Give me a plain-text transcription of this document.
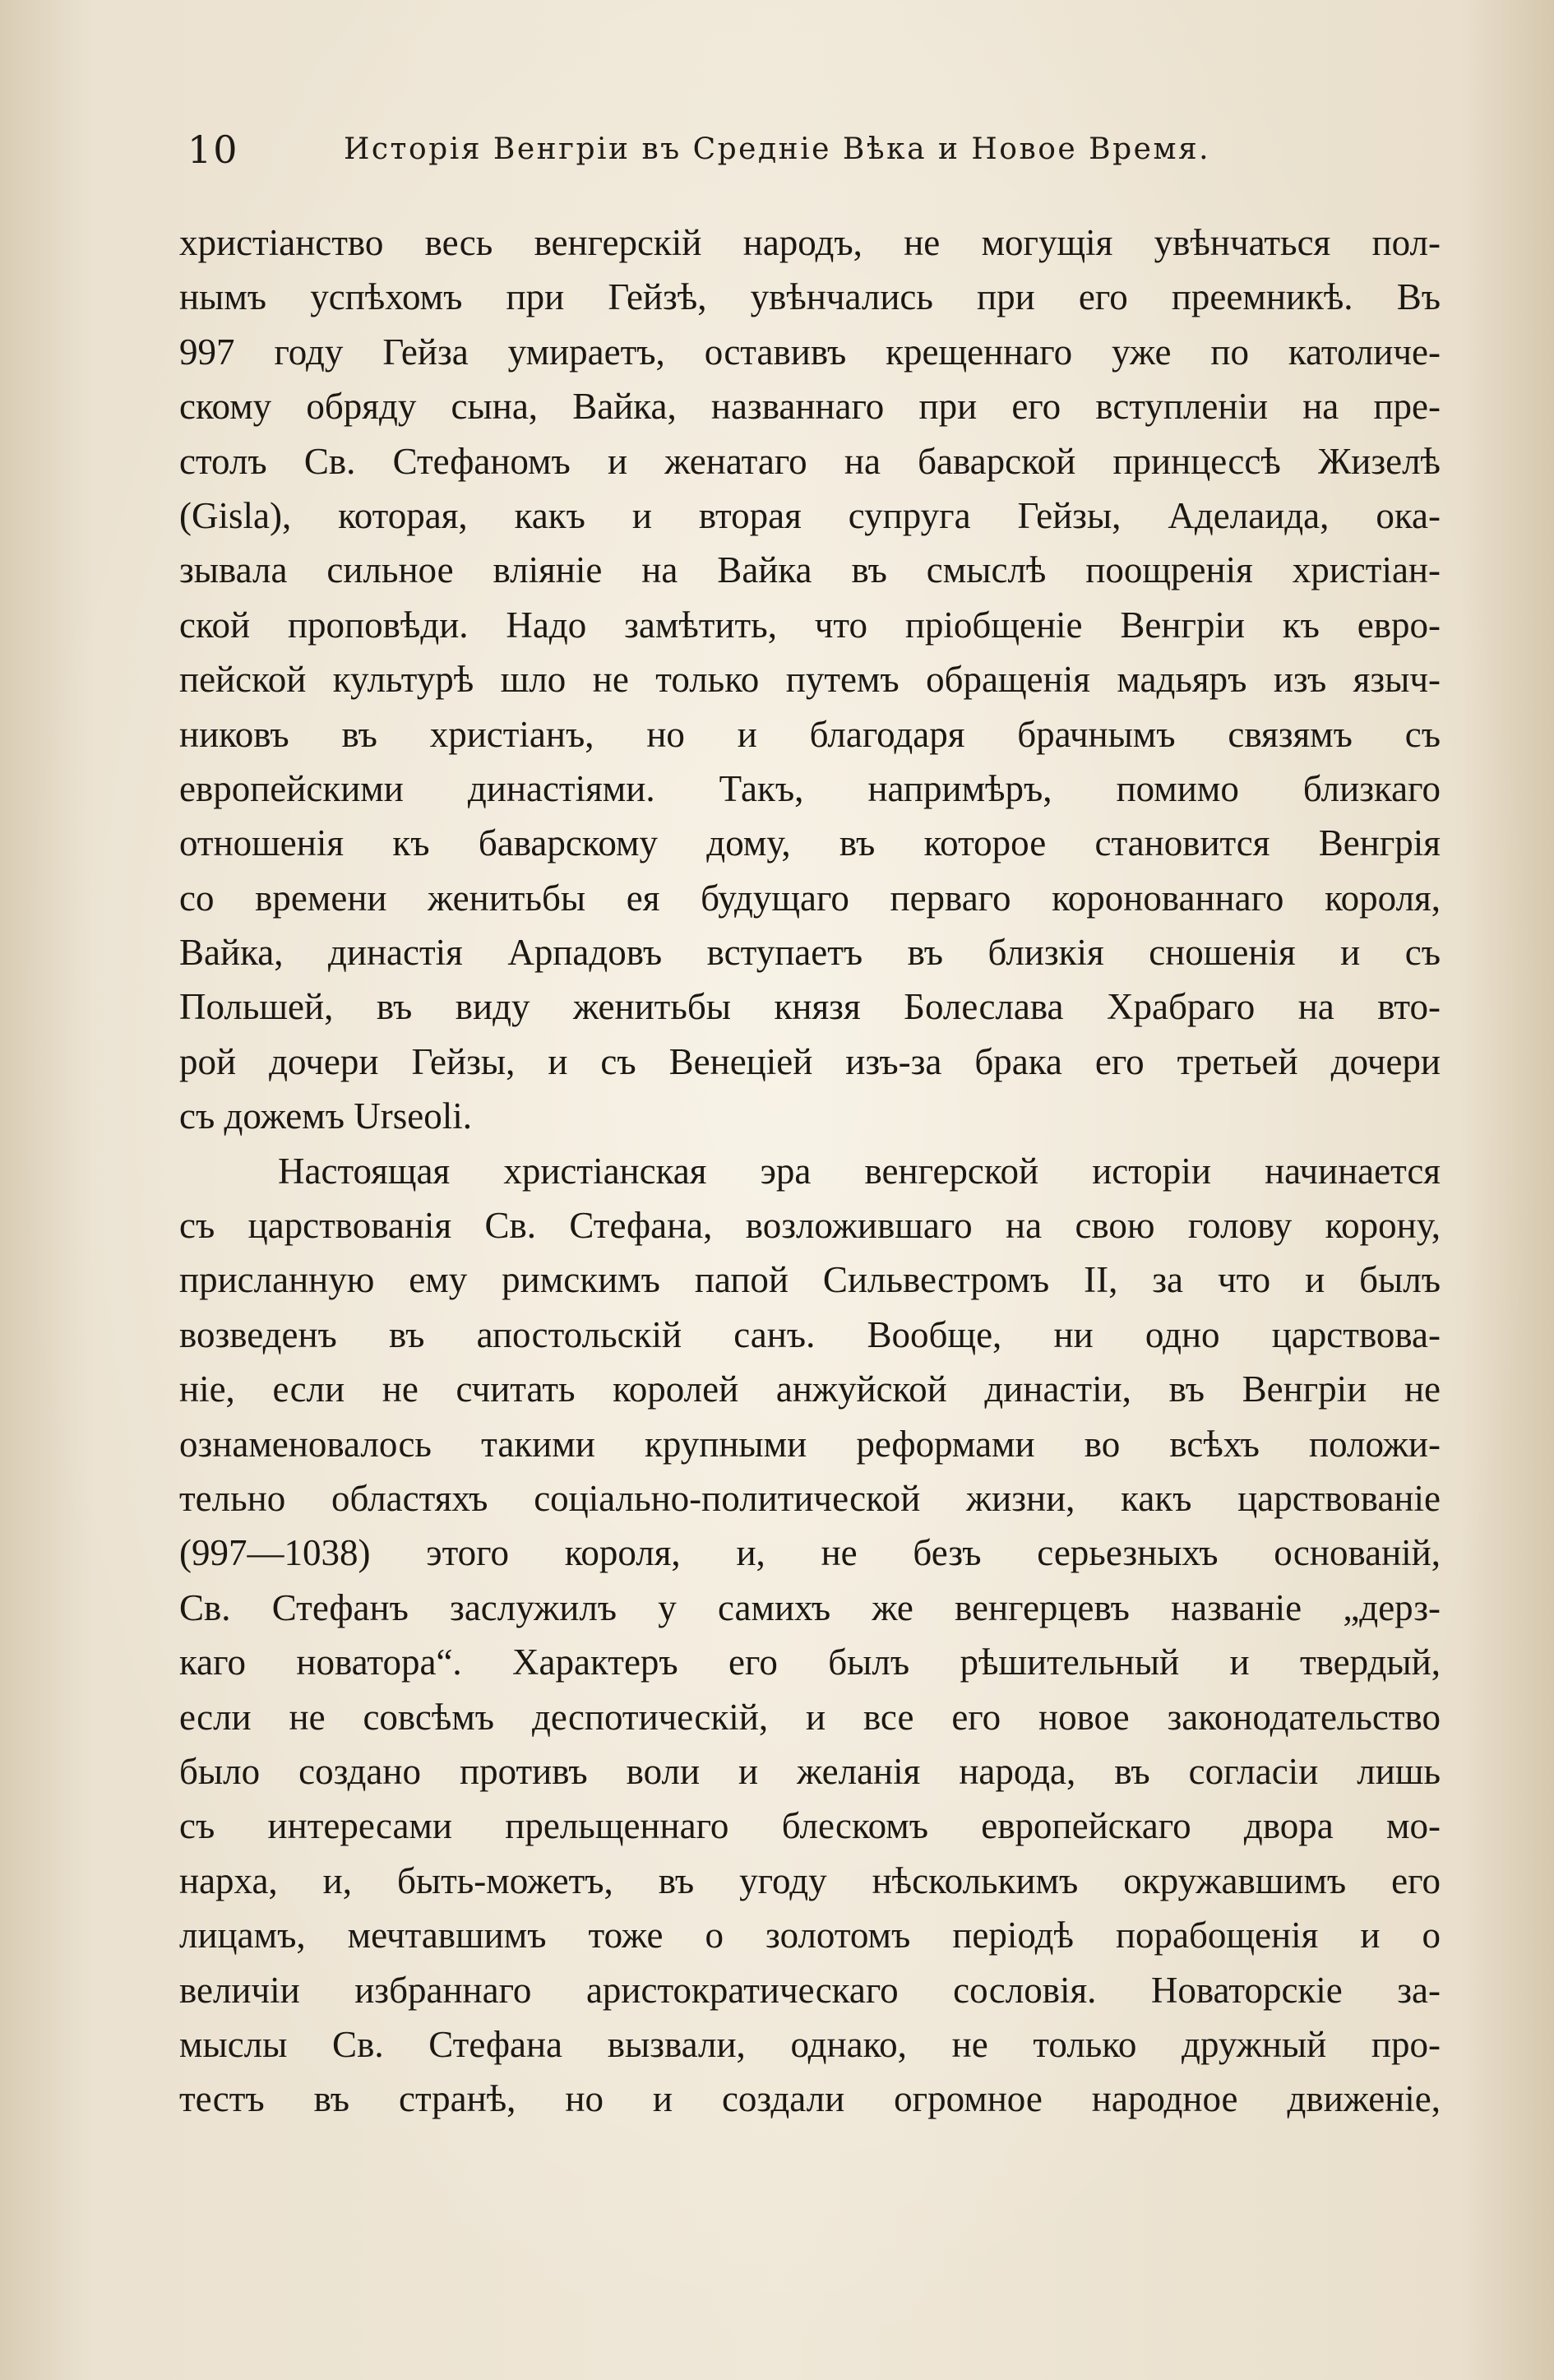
10	Исторія Венгріи въ Средніе Вѣка и Новое Время.
христіанство весь венгерскій народъ, не могущія увѣнчаться пол-
нымъ успѣхомъ при Гейзѣ, увѣнчались при его преемникѣ. Въ
997 году Гейза умираетъ, оставивъ крещеннаго уже по католиче-
скому обряду сына, Вайка, названнаго при его вступленіи на пре-
столъ Св. Стефаномъ и женатаго на баварской принцессѣ Жизелѣ
(Gisla), которая, какъ и вторая супруга Гейзы, Аделаида, ока-
зывала сильное вліяніе на Вайка въ смыслѣ поощренія христіан-
ской проповѣди. Надо замѣтить, что пріобщеніе Венгріи къ евро-
пейской культурѣ шло не только путемъ обращенія мадьяръ изъ языч-
никовъ въ христіанъ, но и благодаря брачнымъ связямъ съ
европейскими династіями. Такъ, напримѣръ, помимо близкаго
отношенія къ баварскому дому, въ которое становится Венгрія
со времени женитьбы ея будущаго перваго коронованнаго короля,
Вайка, династія Арпадовъ вступаетъ въ близкія сношенія и съ
Польшей, въ виду женитьбы князя Болеслава Храбраго на вто-
рой дочери Гейзы, и съ Венеціей изъ-за брака его третьей дочери
съ дожемъ Urseoli.
Настоящая христіанская эра венгерской исторіи начинается
съ царствованія Св. Стефана, возложившаго на свою голову корону,
присланную ему римскимъ папой Сильвестромъ II, за что и былъ
возведенъ въ апостольскій санъ. Вообще, ни одно царствова-
ніе, если не считать королей анжуйской династіи, въ Венгріи не
ознаменовалось такими крупными реформами во всѣхъ положи-
тельно областяхъ соціально-политической жизни, какъ царствованіе
(997—1038) этого короля, и, не безъ серьезныхъ основаній,
Св. Стефанъ заслужилъ у самихъ же венгерцевъ названіе „дерз-
каго новатора“. Характеръ его былъ рѣшительный и твердый,
если не совсѣмъ деспотическій, и все его новое законодательство
было создано противъ воли и желанія народа, въ согласіи лишь
съ интересами прельщеннаго блескомъ европейскаго двора мо-
нарха, и, быть-можетъ, въ угоду нѣсколькимъ окружавшимъ его
лицамъ, мечтавшимъ тоже о золотомъ періодѣ порабощенія и о
величіи избраннаго аристократическаго сословія. Новаторскіе за-
мыслы Св. Стефана вызвали, однако, не только дружный про-
тестъ въ странѣ, но и создали огромное народное движеніе,
